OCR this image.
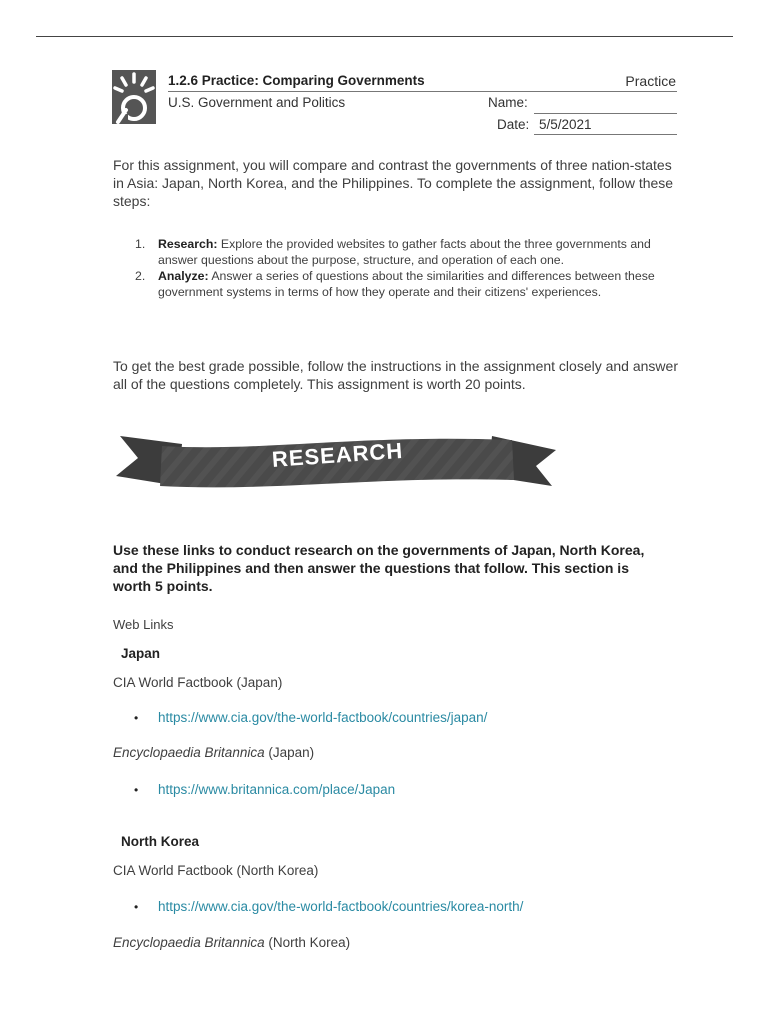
1.2.6 Practice: Comparing Governments	Practice
U.S. Government and Politics	Name:
Date: 5/5/2021
For this assignment, you will compare and contrast the governments of three nation-states in Asia: Japan, North Korea, and the Philippines. To complete the assignment, follow these steps:
1. Research: Explore the provided websites to gather facts about the three governments and answer questions about the purpose, structure, and operation of each one.
2. Analyze: Answer a series of questions about the similarities and differences between these government systems in terms of how they operate and their citizens' experiences.
To get the best grade possible, follow the instructions in the assignment closely and answer all of the questions completely. This assignment is worth 20 points.
RESEARCH
Use these links to conduct research on the governments of Japan, North Korea, and the Philippines and then answer the questions that follow. This section is worth 5 points.
Web Links
Japan
CIA World Factbook (Japan)
• https://www.cia.gov/the-world-factbook/countries/japan/
Encyclopaedia Britannica (Japan)
• https://www.britannica.com/place/Japan
North Korea
CIA World Factbook (North Korea)
• https://www.cia.gov/the-world-factbook/countries/korea-north/
Encyclopaedia Britannica (North Korea)
